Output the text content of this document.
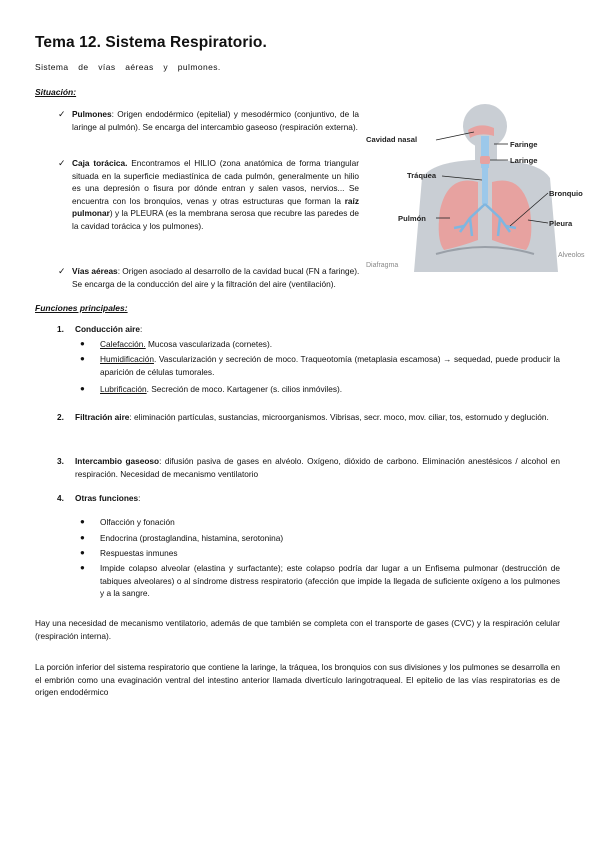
Tema 12. Sistema Respiratorio.
Sistema de vías aéreas y pulmones.
Situación:
✓ Pulmones: Origen endodérmico (epitelial) y mesodérmico (conjuntivo, de la laringe al pulmón). Se encarga del intercambio gaseoso (respiración externa).
✓ Caja torácica. Encontramos el HILIO (zona anatómica de forma triangular situada en la superficie mediastínica de cada pulmón, generalmente un hilio es una depresión o fisura por dónde entran y salen vasos, nervios... Se encuentra con los bronquios, venas y otras estructuras que forman la raíz pulmonar) y la PLEURA (es la membrana serosa que recubre las paredes de la cavidad torácica y los pulmones).
✓ Vías aéreas: Origen asociado al desarrollo de la cavidad bucal (FN a faringe). Se encarga de la conducción del aire y la filtración del aire (ventilación).
Cavidad nasal
Faringe
Laringe
Tráquea
Bronquio
Pulmón
Pleura
Alveolos
Diafragma
Funciones principales:
1. Conducción aire:
● Calefacción. Mucosa vascularizada (cornetes).
● Humidificación. Vascularización y secreción de moco. Traqueotomía (metaplasia escamosa) → sequedad, puede producir la aparición de células tumorales.
● Lubrificación. Secreción de moco. Kartagener (s. cilios inmóviles).
2. Filtración aire: eliminación partículas, sustancias, microorganismos. Vibrisas, secr. moco, mov. ciliar, tos, estornudo y deglución.
3. Intercambio gaseoso: difusión pasiva de gases en alvéolo. Oxígeno, dióxido de carbono. Eliminación anestésicos / alcohol en respiración. Necesidad de mecanismo ventilatorio
4. Otras funciones:
● Olfacción y fonación
● Endocrina (prostaglandina, histamina, serotonina)
● Respuestas inmunes
● Impide colapso alveolar (elastina y surfactante); este colapso podría dar lugar a un Enfisema pulmonar (destrucción de tabiques alveolares) o al síndrome distress respiratorio (afección que impide la llegada de suficiente oxígeno a los pulmones y a la sangre.
Hay una necesidad de mecanismo ventilatorio, además de que también se completa con el transporte de gases (CVC) y la respiración celular (respiración interna).
La porción inferior del sistema respiratorio que contiene la laringe, la tráquea, los bronquios con sus divisiones y los pulmones se desarrolla en el embrión como una evaginación ventral del intestino anterior llamada divertículo laringotraqueal. El epitelio de las vías respiratorias es de origen endodérmico
